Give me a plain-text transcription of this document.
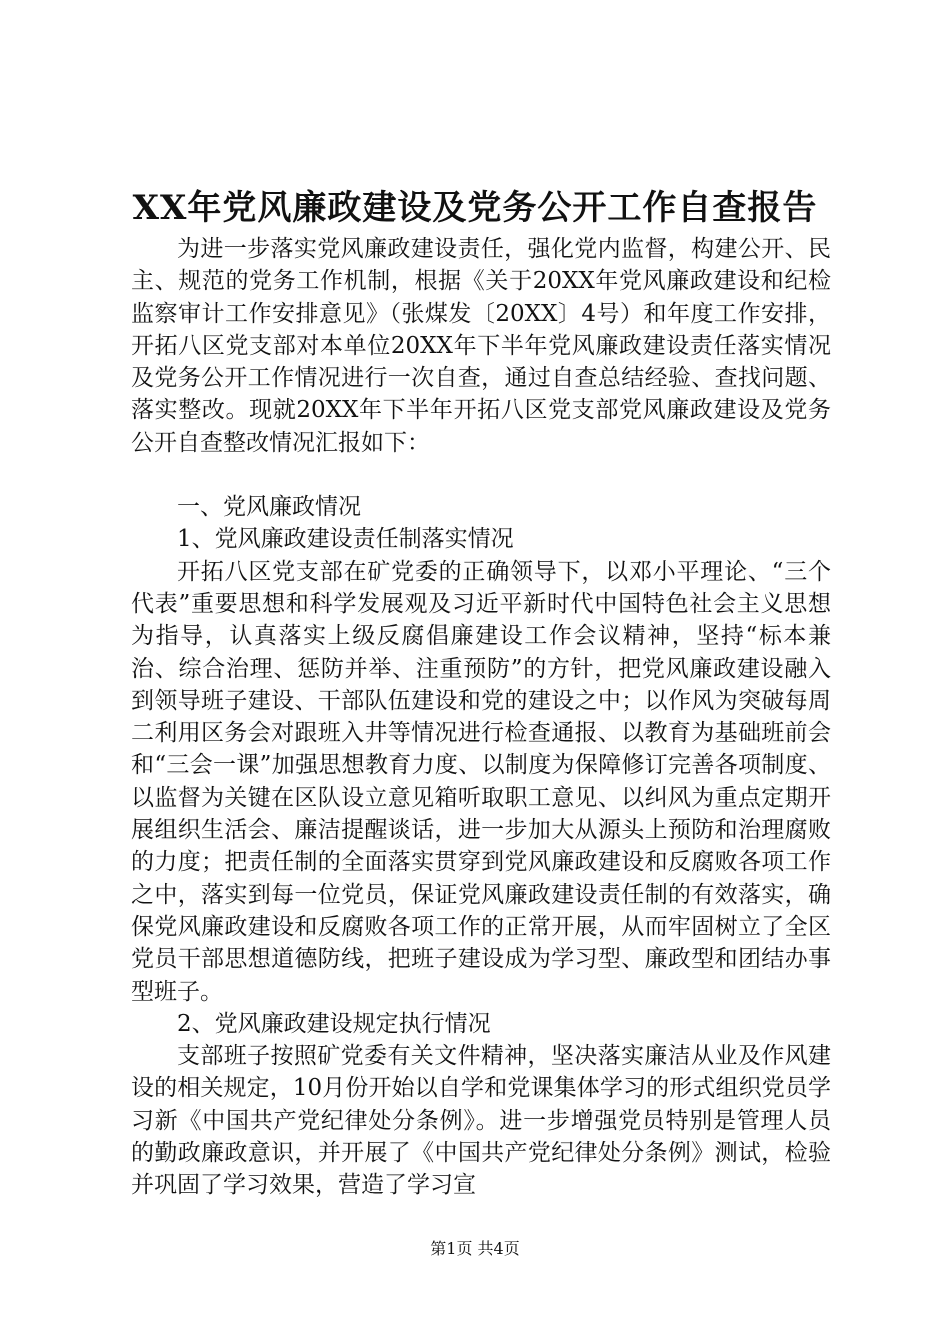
XX年党风廉政建设及党务公开工作自查报告

为进一步落实党风廉政建设责任，强化党内监督，构建公开、民主、规范的党务工作机制，根据《关于20XX年党风廉政建设和纪检监察审计工作安排意见》（张煤发〔20XX〕4号）和年度工作安排，开拓八区党支部对本单位20XX年下半年党风廉政建设责任落实情况及党务公开工作情况进行一次自查，通过自查总结经验、查找问题、落实整改。现就20XX年下半年开拓八区党支部党风廉政建设及党务公开自查整改情况汇报如下：

一、党风廉政情况

1、党风廉政建设责任制落实情况

开拓八区党支部在矿党委的正确领导下，以邓小平理论、“三个代表”重要思想和科学发展观及习近平新时代中国特色社会主义思想为指导，认真落实上级反腐倡廉建设工作会议精神，坚持“标本兼治、综合治理、惩防并举、注重预防”的方针，把党风廉政建设融入到领导班子建设、干部队伍建设和党的建设之中；以作风为突破每周二利用区务会对跟班入井等情况进行检查通报、以教育为基础班前会和“三会一课”加强思想教育力度、以制度为保障修订完善各项制度、以监督为关键在区队设立意见箱听取职工意见、以纠风为重点定期开展组织生活会、廉洁提醒谈话，进一步加大从源头上预防和治理腐败的力度；把责任制的全面落实贯穿到党风廉政建设和反腐败各项工作之中，落实到每一位党员，保证党风廉政建设责任制的有效落实，确保党风廉政建设和反腐败各项工作的正常开展，从而牢固树立了全区党员干部思想道德防线，把班子建设成为学习型、廉政型和团结办事型班子。

2、党风廉政建设规定执行情况

支部班子按照矿党委有关文件精神，坚决落实廉洁从业及作风建设的相关规定，10月份开始以自学和党课集体学习的形式组织党员学习新《中国共产党纪律处分条例》。进一步增强党员特别是管理人员的勤政廉政意识，并开展了《中国共产党纪律处分条例》测试，检验并巩固了学习效果，营造了学习宣

第1页 共4页
